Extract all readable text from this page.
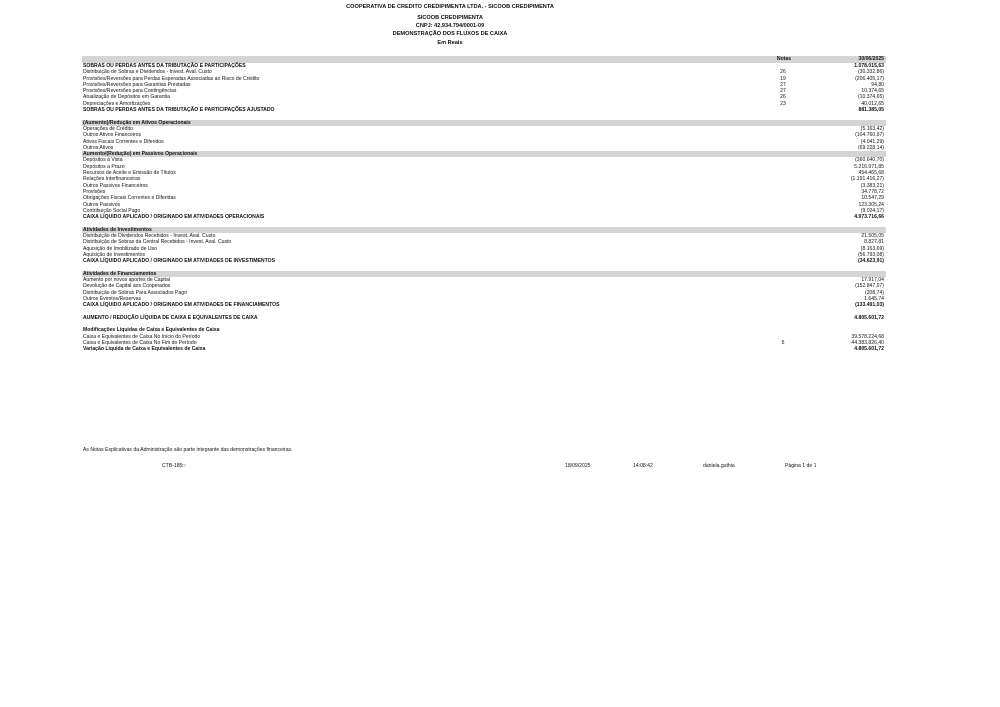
COOPERATIVA DE CREDITO CREDIPIMENTA LTDA. - SICOOB CREDIPIMENTA
SICOOB CREDIPIMENTA
CNPJ: 42.934.794/0001-09
DEMONSTRAÇÃO DOS FLUXOS DE CAIXA
Em Reais
Notas	30/06/2025
SOBRAS OU PERDAS ANTES DA TRIBUTAÇÃO E PARTICIPAÇÕES	1.078.015,63
Distribuição de Sobras e Dividendos - Invest. Aval. Custo	26	(30.332,86)
Provisões/Reversões para Perdas Esperadas Associadas ao Risco de Crédito	19	(206.405,17)
Provisões/Reversões para Garantias Prestadas	27	94,80
Provisões/Reversões para Contingências	27	10.374,65
Atualização de Depósitos em Garantia	26	(10.374,65)
Depreciações e Amortizações	23	40.012,65
SOBRAS OU PERDAS ANTES DA TRIBUTAÇÃO E PARTICIPAÇÕES AJUSTADO	881.385,05
(Aumento)/Redução em Ativos Operacionais
Operações de Crédito	(5.163,42)
Outros Ativos Financeiros	(104.760,97)
Ativos Fiscais Correntes e Diferidos	(4.041,29)
Outros Ativos	(69.228,14)
Aumento/(Redução) em Passivos Operacionais
Depósitos à Vista	(360.640,70)
Depósitos a Prazo	5.216.971,85
Recursos de Aceite e Emissão de Títulos	454.465,68
Relações Interfinanceiras	(1.191.416,27)
Outros Passivos Financeiros	(3.383,21)
Provisões	34.778,72
Obrigações Fiscais Correntes e Diferidas	10.547,29
Outros Passivos	123.305,24
Contribuição Social Pago	(9.024,17)
CAIXA LÍQUIDO APLICADO / ORIGINADO EM ATIVIDADES OPERACIONAIS	4.973.716,66
Atividades de Investimentos
Distribuição de Dividendos Recebidos - Invest. Aval. Custo	21.505,05
Distribuição de Sobras da Central Recebidos - Invest. Aval. Custo	8.827,81
Aquisição de Imobilizado de Uso	(8.163,69)
Aquisição de Investimentos	(56.793,08)
CAIXA LÍQUIDO APLICADO / ORIGINADO EM ATIVIDADES DE INVESTIMENTOS	(34.623,91)
Atividades de Financiamentos
Aumento por novos aportes de Capital	17.917,04
Devolução de Capital aos Cooperados	(152.847,07)
Distribuição de Sobras Para Associados Pago	(208,74)
Outros Eventos/Reservas	1.645,74
CAIXA LÍQUIDO APLICADO / ORIGINADO EM ATIVIDADES DE FINANCIAMENTOS	(133.491,03)
AUMENTO / REDUÇÃO LÍQUIDA DE CAIXA E EQUIVALENTES DE CAIXA	4.805.601,72
Modificações Líquidas de Caixa e Equivalentes de Caixa
Caixa e Equivalentes de Caixa No Início do Período	39.578.224,68
Caixa e Equivalentes de Caixa No Fim do Período	5	44.383.826,40
Variação Líquida de Caixa e Equivalentes de Caixa	4.805.601,72
As Notas Explicativas da Administração são parte integrante das demonstrações financeiras.
CTB-185□	18/09/2025	14:08:42	daniela.guthia	Página 1 de 1
